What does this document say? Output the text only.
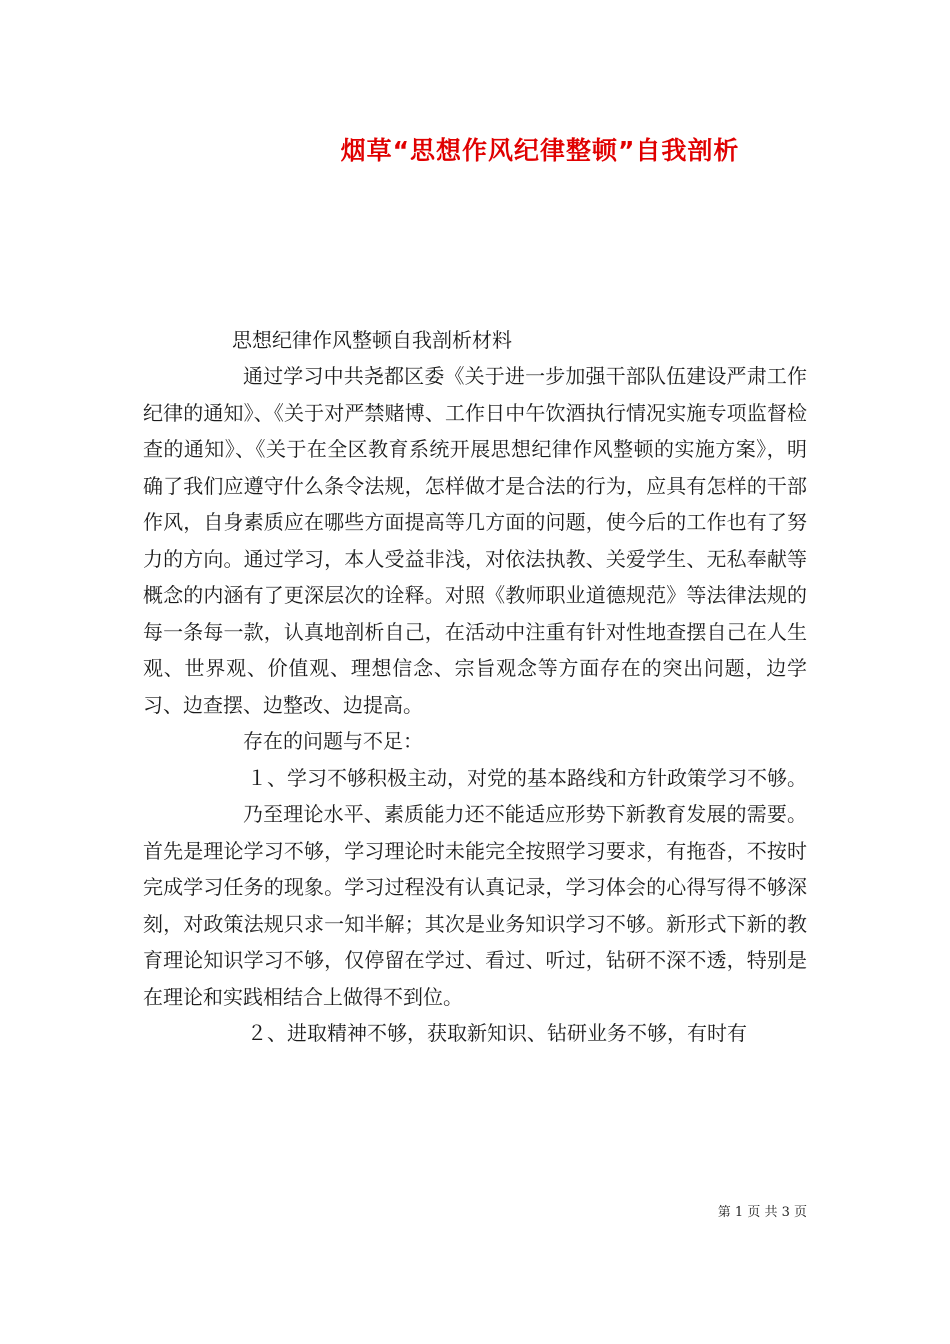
烟草“思想作风纪律整顿”自我剖析
思想纪律作风整顿自我剖析材料

通过学习中共尧都区委《关于进一步加强干部队伍建设严肃工作纪律的通知》、《关于对严禁赌博、工作日中午饮酒执行情况实施专项监督检查的通知》、《关于在全区教育系统开展思想纪律作风整顿的实施方案》，明确了我们应遵守什么条令法规，怎样做才是合法的行为，应具有怎样的干部作风，自身素质应在哪些方面提高等几方面的问题，使今后的工作也有了努力的方向。通过学习，本人受益非浅，对依法执教、关爱学生、无私奉献等概念的内涵有了更深层次的诠释。对照《教师职业道德规范》等法律法规的每一条每一款，认真地剖析自己，在活动中注重有针对性地查摆自己在人生观、世界观、价值观、理想信念、宗旨观念等方面存在的突出问题，边学习、边查摆、边整改、边提高。

存在的问题与不足：

１、学习不够积极主动，对党的基本路线和方针政策学习不够。

乃至理论水平、素质能力还不能适应形势下新教育发展的需要。首先是理论学习不够，学习理论时未能完全按照学习要求，有拖沓，不按时完成学习任务的现象。学习过程没有认真记录，学习体会的心得写得不够深刻，对政策法规只求一知半解；其次是业务知识学习不够。新形式下新的教育理论知识学习不够，仅停留在学过、看过、听过，钻研不深不透，特别是在理论和实践相结合上做得不到位。

２、进取精神不够，获取新知识、钻研业务不够，有时有

第 1 页 共 3 页
